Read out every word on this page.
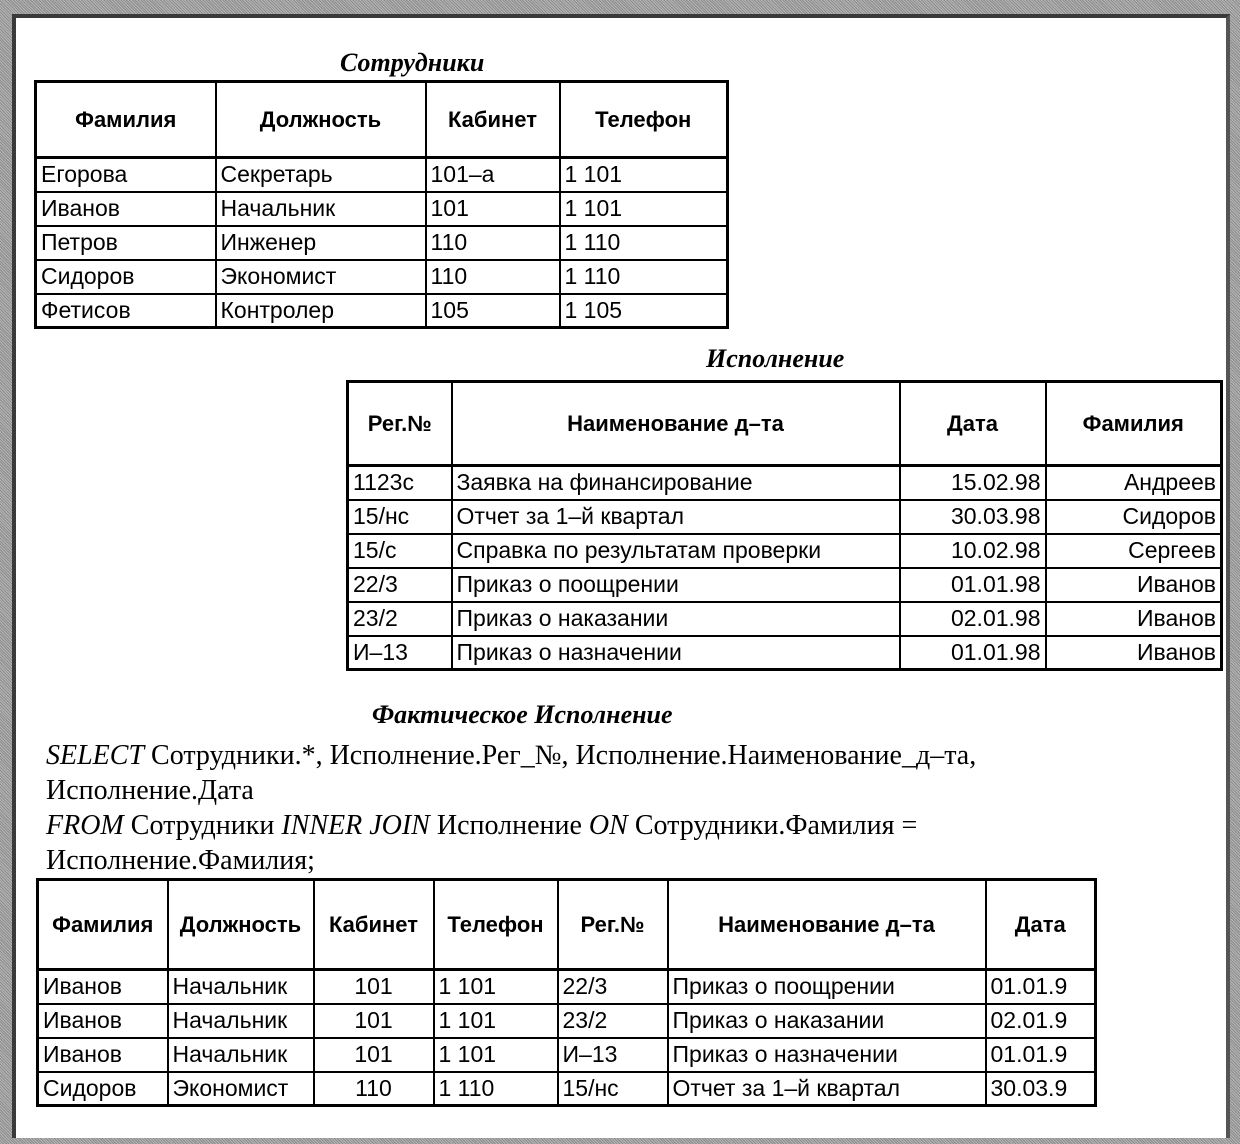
Сотрудники
Фамилия	Должность	Кабинет	Телефон
Егорова	Секретарь	101–а	1 101
Иванов	Начальник	101	1 101
Петров	Инженер	110	1 110
Сидоров	Экономист	110	1 110
Фетисов	Контролер	105	1 105
Исполнение
Рег.№	Наименование д–та	Дата	Фамилия
1123с	Заявка на финансирование	15.02.98	Андреев
15/нс	Отчет за 1–й квартал	30.03.98	Сидоров
15/с	Справка по результатам проверки	10.02.98	Сергеев
22/3	Приказ о поощрении	01.01.98	Иванов
23/2	Приказ о наказании	02.01.98	Иванов
И–13	Приказ о назначении	01.01.98	Иванов
Фактическое Исполнение
SELECT Сотрудники.*, Исполнение.Рег_№, Исполнение.Наименование_д–та,
Исполнение.Дата
FROM Сотрудники INNER JOIN Исполнение ON Сотрудники.Фамилия =
Исполнение.Фамилия;
Фамилия	Должность	Кабинет	Телефон	Рег.№	Наименование д–та	Дата
Иванов	Начальник	101	1 101	22/3	Приказ о поощрении	01.01.9
Иванов	Начальник	101	1 101	23/2	Приказ о наказании	02.01.9
Иванов	Начальник	101	1 101	И–13	Приказ о назначении	01.01.9
Сидоров	Экономист	110	1 110	15/нс	Отчет за 1–й квартал	30.03.9
